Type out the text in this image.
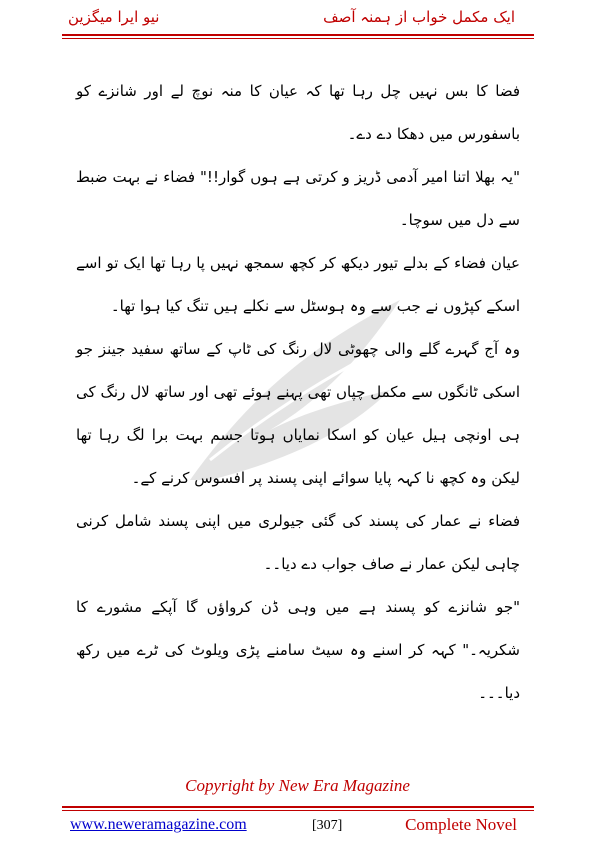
نیو ایرا میگزین	ایک مکمل خواب از ہمنہ آصف

فضا کا بس نہیں چل رہا تھا کہ عیان کا منہ نوچ لے اور شانزے کو باسفورس میں دھکا دے دے۔

"یہ بھلا اتنا امیر آدمی ڈریز و کرتی ہے ہوں گوار!!" فضاء نے بہت ضبط سے دل میں سوچا۔

عیان فضاء کے بدلے تیور دیکھ کر کچھ سمجھ نہیں پا رہا تھا ایک تو اسے اسکے کپڑوں نے جب سے وہ ہوسٹل سے نکلے ہیں تنگ کیا ہوا تھا۔

وہ آج گہرے گلے والی چھوٹی لال رنگ کی ٹاپ کے ساتھ سفید جینز جو اسکی ٹانگوں سے مکمل چپاں تھی پہنے ہوئے تھی اور ساتھ لال رنگ کی ہی اونچی ہیل عیان کو اسکا نمایاں ہوتا جسم بہت برا لگ رہا تھا لیکن وہ کچھ نا کہہ پایا سوائے اپنی پسند پر افسوس کرنے کے۔

فضاء نے عمار کی پسند کی گئی جیولری میں اپنی پسند شامل کرنی چاہی لیکن عمار نے صاف جواب دے دیا۔۔

"جو شانزے کو پسند ہے میں وہی ڈن کرواؤں گا آپکے مشورے کا شکریہ۔" کہہ کر اسنے وہ سیٹ سامنے پڑی ویلوٹ کی ٹرے میں رکھ دیا۔۔۔

Copyright by New Era Magazine
www.neweramagazine.com	[307]	Complete Novel
